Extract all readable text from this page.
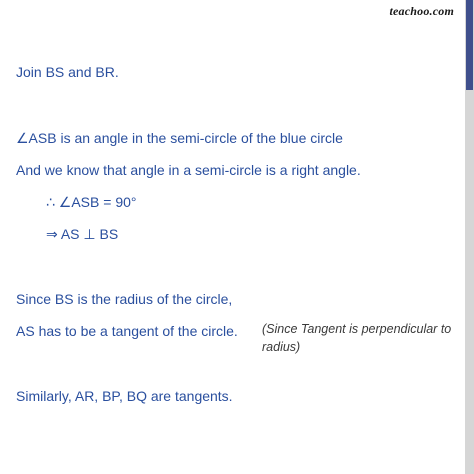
teachoo.com

Join BS and BR.

∠ASB is an angle in the semi-circle of the blue circle

And we know that angle in a semi-circle is a right angle.

∴ ∠ASB = 90°

⇒ AS ⊥ BS

Since BS is the radius of the circle,

AS has to be a tangent of the circle. (Since Tangent is perpendicular to radius)

Similarly, AR, BP, BQ are tangents.
